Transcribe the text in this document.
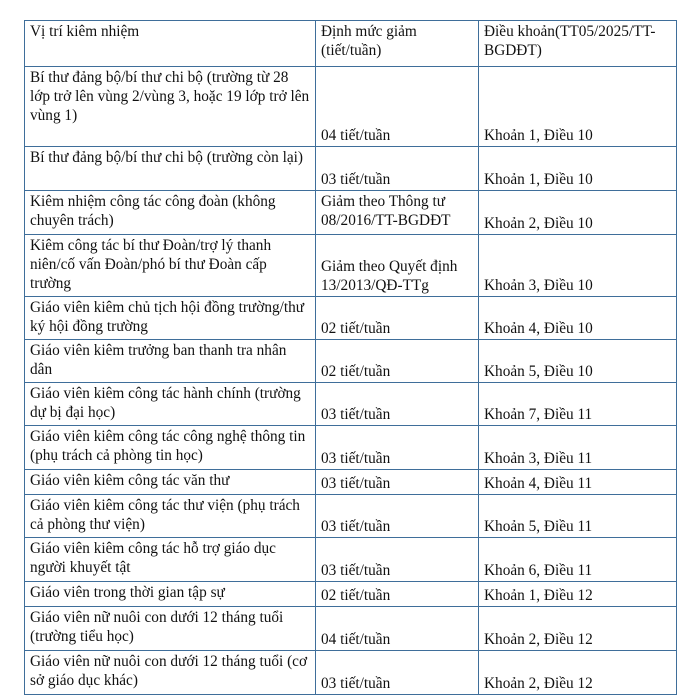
Vị trí kiêm nhiệm	Định mức giảm (tiết/tuần)	Điều khoản(TT05/2025/TT-BGDĐT)
Bí thư đảng bộ/bí thư chi bộ (trường từ 28 lớp trở lên vùng 2/vùng 3, hoặc 19 lớp trở lên vùng 1)	04 tiết/tuần	Khoản 1, Điều 10
Bí thư đảng bộ/bí thư chi bộ (trường còn lại)	03 tiết/tuần	Khoản 1, Điều 10
Kiêm nhiệm công tác công đoàn (không chuyên trách)	Giảm theo Thông tư 08/2016/TT-BGDĐT	Khoản 2, Điều 10
Kiêm công tác bí thư Đoàn/trợ lý thanh niên/cố vấn Đoàn/phó bí thư Đoàn cấp trường	Giảm theo Quyết định 13/2013/QĐ-TTg	Khoản 3, Điều 10
Giáo viên kiêm chủ tịch hội đồng trường/thư ký hội đồng trường	02 tiết/tuần	Khoản 4, Điều 10
Giáo viên kiêm trưởng ban thanh tra nhân dân	02 tiết/tuần	Khoản 5, Điều 10
Giáo viên kiêm công tác hành chính (trường dự bị đại học)	03 tiết/tuần	Khoản 7, Điều 11
Giáo viên kiêm công tác công nghệ thông tin (phụ trách cả phòng tin học)	03 tiết/tuần	Khoản 3, Điều 11
Giáo viên kiêm công tác văn thư	03 tiết/tuần	Khoản 4, Điều 11
Giáo viên kiêm công tác thư viện (phụ trách cả phòng thư viện)	03 tiết/tuần	Khoản 5, Điều 11
Giáo viên kiêm công tác hỗ trợ giáo dục người khuyết tật	03 tiết/tuần	Khoản 6, Điều 11
Giáo viên trong thời gian tập sự	02 tiết/tuần	Khoản 1, Điều 12
Giáo viên nữ nuôi con dưới 12 tháng tuổi (trường tiểu học)	04 tiết/tuần	Khoản 2, Điều 12
Giáo viên nữ nuôi con dưới 12 tháng tuổi (cơ sở giáo dục khác)	03 tiết/tuần	Khoản 2, Điều 12
